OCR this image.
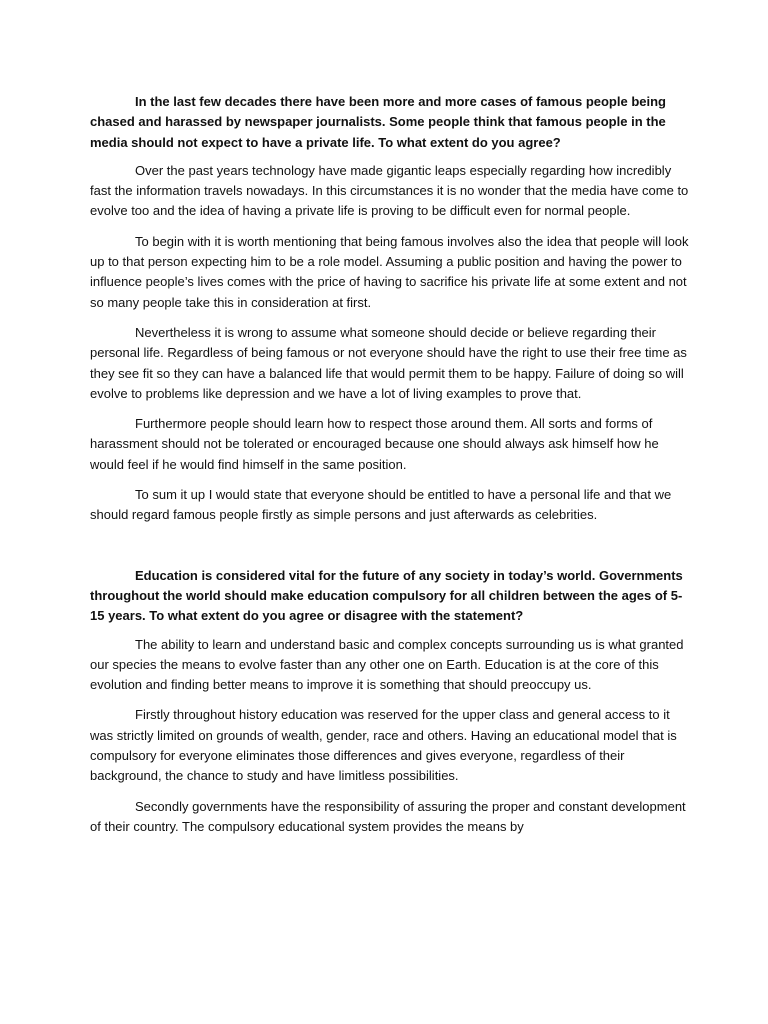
In the last few decades there have been more and more cases of famous people being chased and harassed by newspaper journalists. Some people think that famous people in the media should not expect to have a private life. To what extent do you agree?

Over the past years technology have made gigantic leaps especially regarding how incredibly fast the information travels nowadays. In this circumstances it is no wonder that the media have come to evolve too and the idea of having a private life is proving to be difficult even for normal people.

To begin with it is worth mentioning that being famous involves also the idea that people will look up to that person expecting him to be a role model. Assuming a public position and having the power to influence people’s lives comes with the price of having to sacrifice his private life at some extent and not so many people take this in consideration at first.

Nevertheless it is wrong to assume what someone should decide or believe regarding their personal life. Regardless of being famous or not everyone should have the right to use their free time as they see fit so they can have a balanced life that would permit them to be happy. Failure of doing so will evolve to problems like depression and we have a lot of living examples to prove that.

Furthermore people should learn how to respect those around them. All sorts and forms of harassment should not be tolerated or encouraged because one should always ask himself how he would feel if he would find himself in the same position.

To sum it up I would state that everyone should be entitled to have a personal life and that we should regard famous people firstly as simple persons and just afterwards as celebrities.

Education is considered vital for the future of any society in today’s world. Governments throughout the world should make education compulsory for all children between the ages of 5-15 years. To what extent do you agree or disagree with the statement?

The ability to learn and understand basic and complex concepts surrounding us is what granted our species the means to evolve faster than any other one on Earth. Education is at the core of this evolution and finding better means to improve it is something that should preoccupy us.

Firstly throughout history education was reserved for the upper class and general access to it was strictly limited on grounds of wealth, gender, race and others. Having an educational model that is compulsory for everyone eliminates those differences and gives everyone, regardless of their background, the chance to study and have limitless possibilities.

Secondly governments have the responsibility of assuring the proper and constant development of their country. The compulsory educational system provides the means by
